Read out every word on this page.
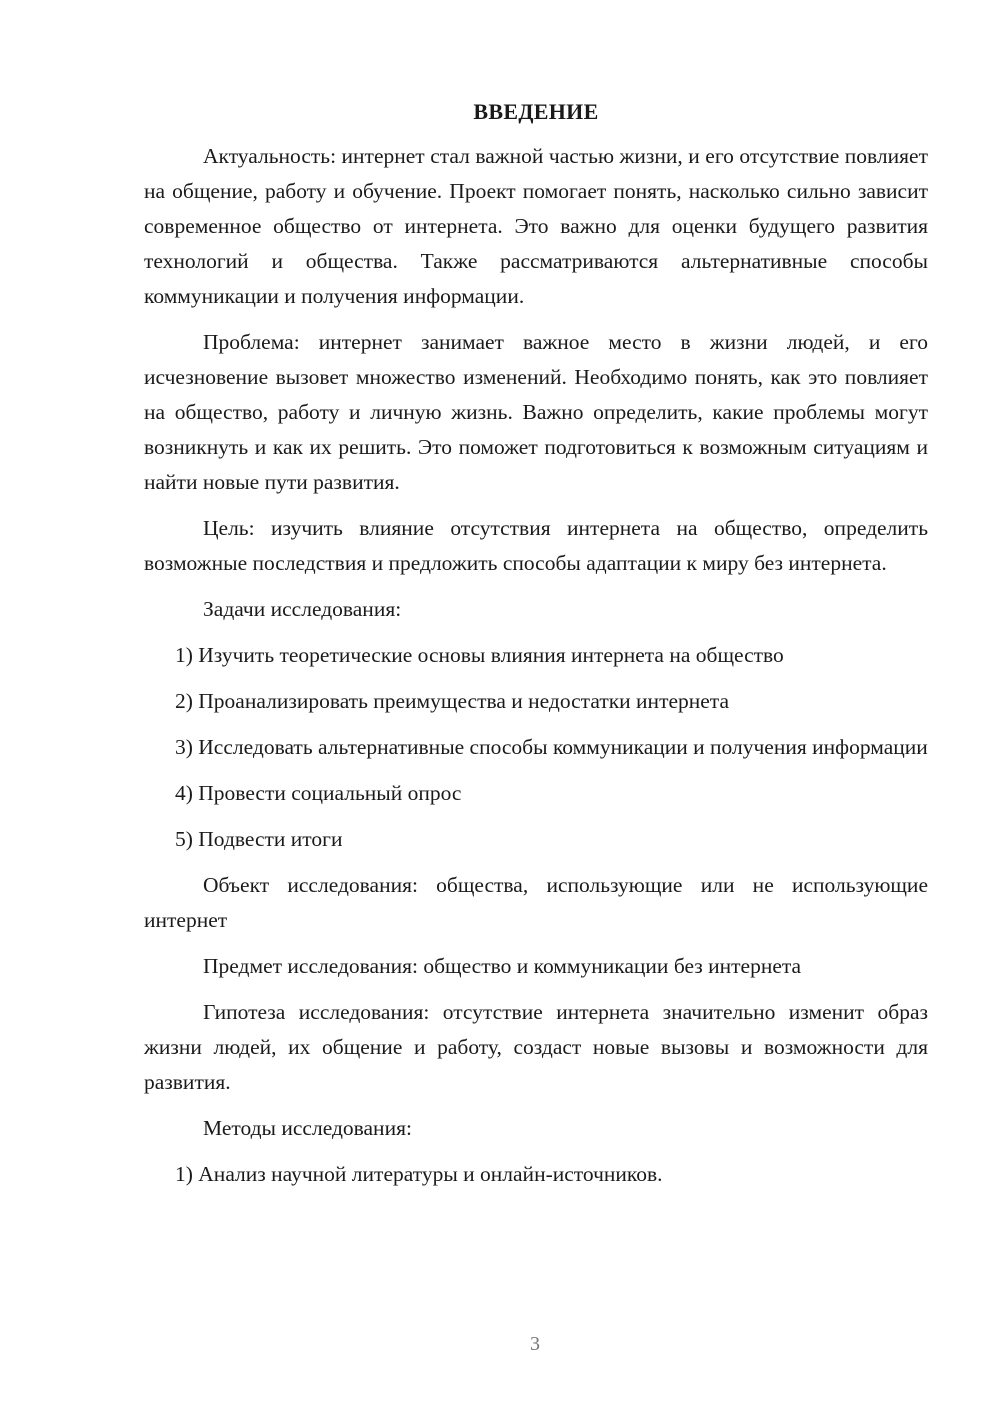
ВВЕДЕНИЕ

Актуальность: интернет стал важной частью жизни, и его отсутствие повлияет на общение, работу и обучение. Проект помогает понять, насколько сильно зависит современное общество от интернета. Это важно для оценки будущего развития технологий и общества. Также рассматриваются альтернативные способы коммуникации и получения информации.

Проблема: интернет занимает важное место в жизни людей, и его исчезновение вызовет множество изменений. Необходимо понять, как это повлияет на общество, работу и личную жизнь. Важно определить, какие проблемы могут возникнуть и как их решить. Это поможет подготовиться к возможным ситуациям и найти новые пути развития.

Цель: изучить влияние отсутствия интернета на общество, определить возможные последствия и предложить способы адаптации к миру без интернета.

Задачи исследования:

1) Изучить теоретические основы влияния интернета на общество

2) Проанализировать преимущества и недостатки интернета

3) Исследовать альтернативные способы коммуникации и получения информации

4) Провести социальный опрос

5) Подвести итоги

Объект исследования: общества, использующие или не использующие интернет

Предмет исследования: общество и коммуникации без интернета

Гипотеза исследования: отсутствие интернета значительно изменит образ жизни людей, их общение и работу, создаст новые вызовы и возможности для развития.

Методы исследования:

1) Анализ научной литературы и онлайн-источников.

3
